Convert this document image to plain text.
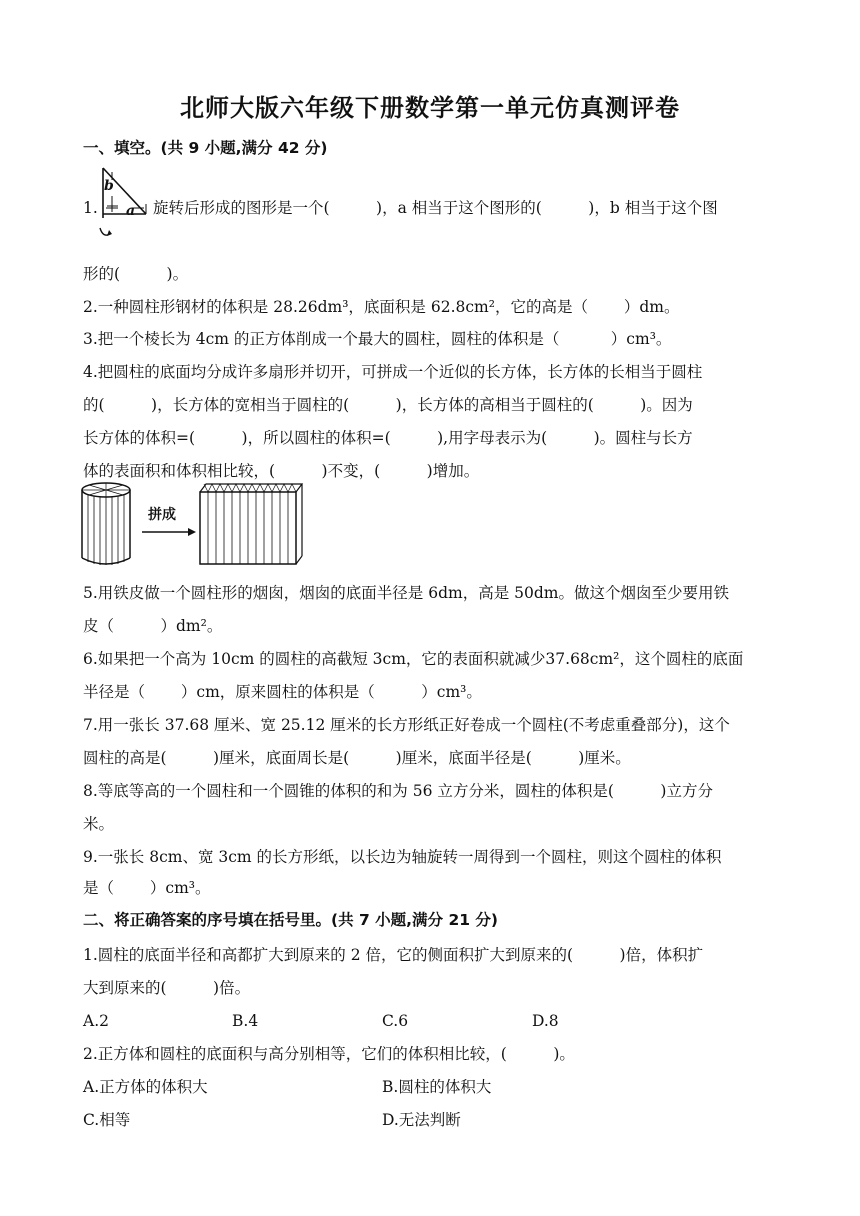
北师大版六年级下册数学第一单元仿真测评卷
一、填空。(共 9 小题,满分 42 分)
1.
b
a 旋转后形成的图形是一个(　　　)，a 相当于这个图形的(　　　)，b 相当于这个图
形的(　　　)。
2.一种圆柱形钢材的体积是 28.26dm³，底面积是 62.8cm²，它的高是（　　 ）dm。
3.把一个棱长为 4cm 的正方体削成一个最大的圆柱，圆柱的体积是（　　　 ）cm³。
4.把圆柱的底面均分成许多扇形并切开，可拼成一个近似的长方体，长方体的长相当于圆柱
的(　　　)，长方体的宽相当于圆柱的(　　　)，长方体的高相当于圆柱的(　　　)。因为
长方体的体积=(　　　)，所以圆柱的体积=(　　　),用字母表示为(　　　)。圆柱与长方
体的表面积和体积相比较，(　　　)不变，(　　　)增加。
拼成
5.用铁皮做一个圆柱形的烟囱，烟囱的底面半径是 6dm，高是 50dm。做这个烟囱至少要用铁
皮（　　　）dm²。
6.如果把一个高为 10cm 的圆柱的高截短 3cm，它的表面积就减少37.68cm²，这个圆柱的底面
半径是（　　 ）cm，原来圆柱的体积是（　　　）cm³。
7.用一张长 37.68 厘米、宽 25.12 厘米的长方形纸正好卷成一个圆柱(不考虑重叠部分)，这个
圆柱的高是(　　　)厘米，底面周长是(　　　)厘米，底面半径是(　　　)厘米。
8.等底等高的一个圆柱和一个圆锥的体积的和为 56 立方分米，圆柱的体积是(　　　)立方分
米。
9.一张长 8cm、宽 3cm 的长方形纸，以长边为轴旋转一周得到一个圆柱，则这个圆柱的体积
是（　　 ）cm³。
二、将正确答案的序号填在括号里。(共 7 小题,满分 21 分)
1.圆柱的底面半径和高都扩大到原来的 2 倍，它的侧面积扩大到原来的(　　　)倍，体积扩
大到原来的(　　　)倍。
A.2	B.4	C.6	D.8
2.正方体和圆柱的底面积与高分别相等，它们的体积相比较，(　　　)。
A.正方体的体积大	B.圆柱的体积大
C.相等	D.无法判断
